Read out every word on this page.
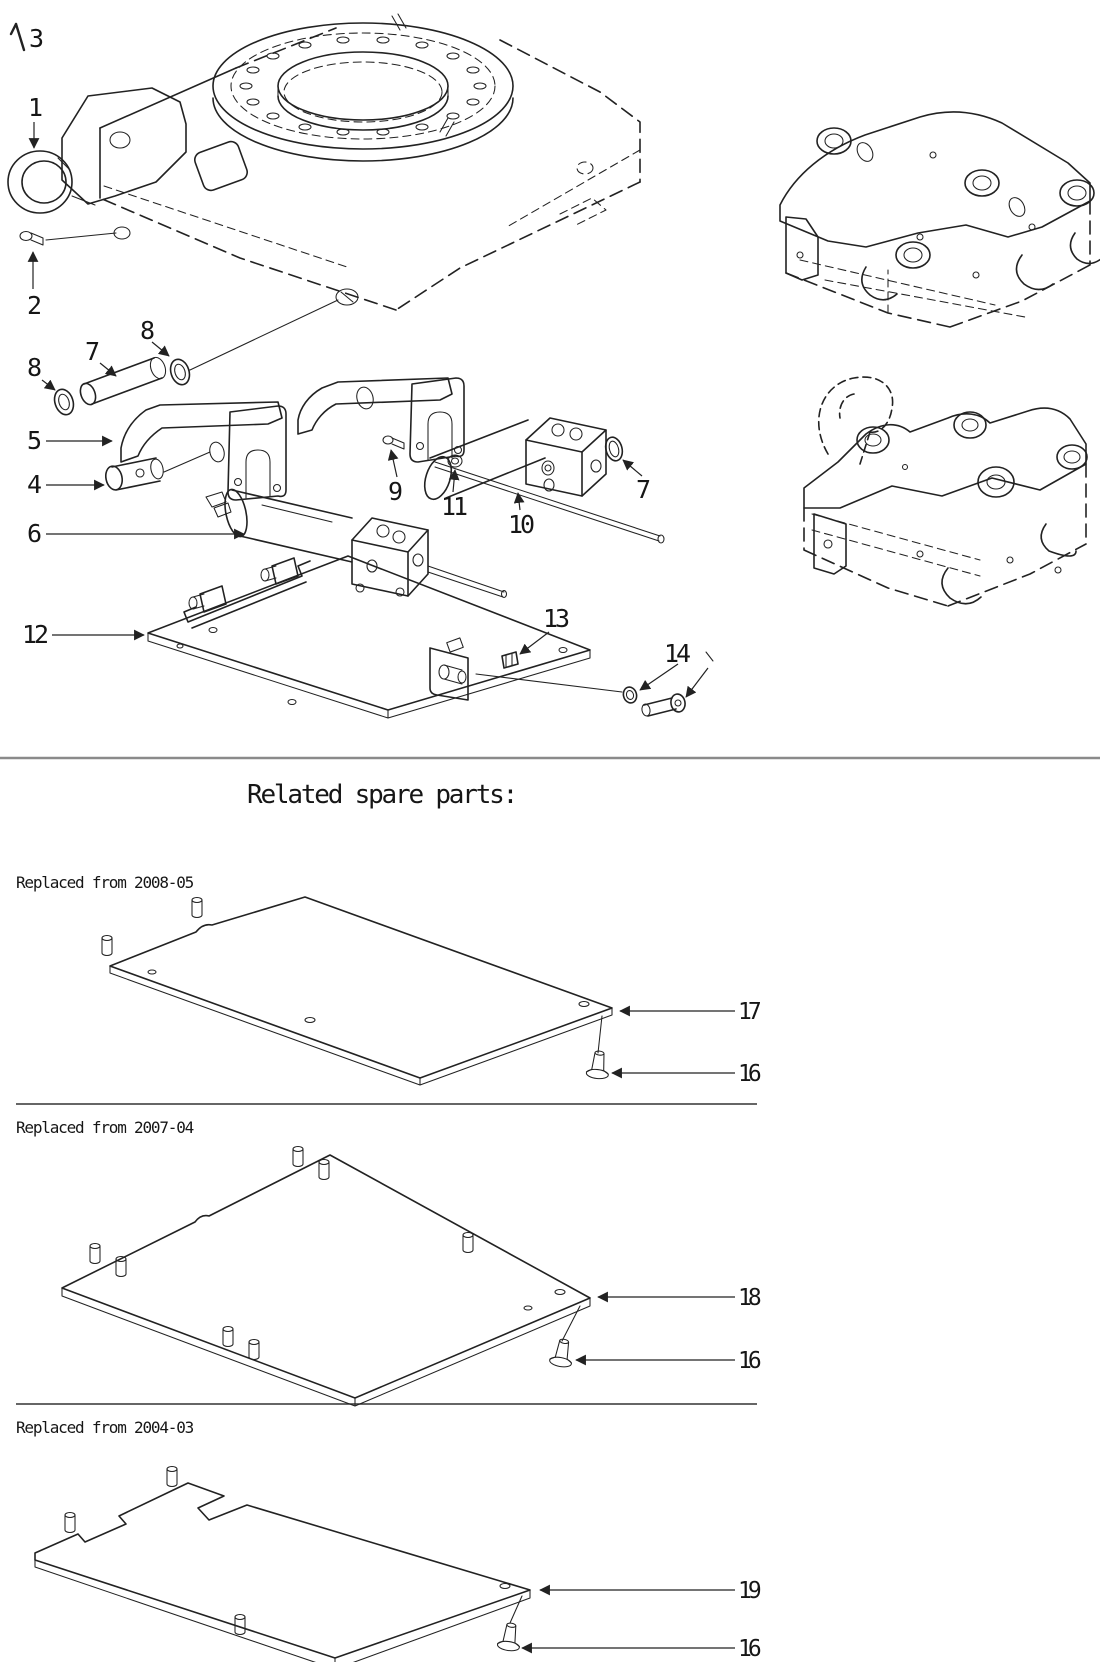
1
2
3
4
5
6
7
7
8
8
9
10
11
12
13
14
Related spare parts:
Replaced from 2008-05
Replaced from 2007-04
Replaced from 2004-03
17
16
18
16
19
16
